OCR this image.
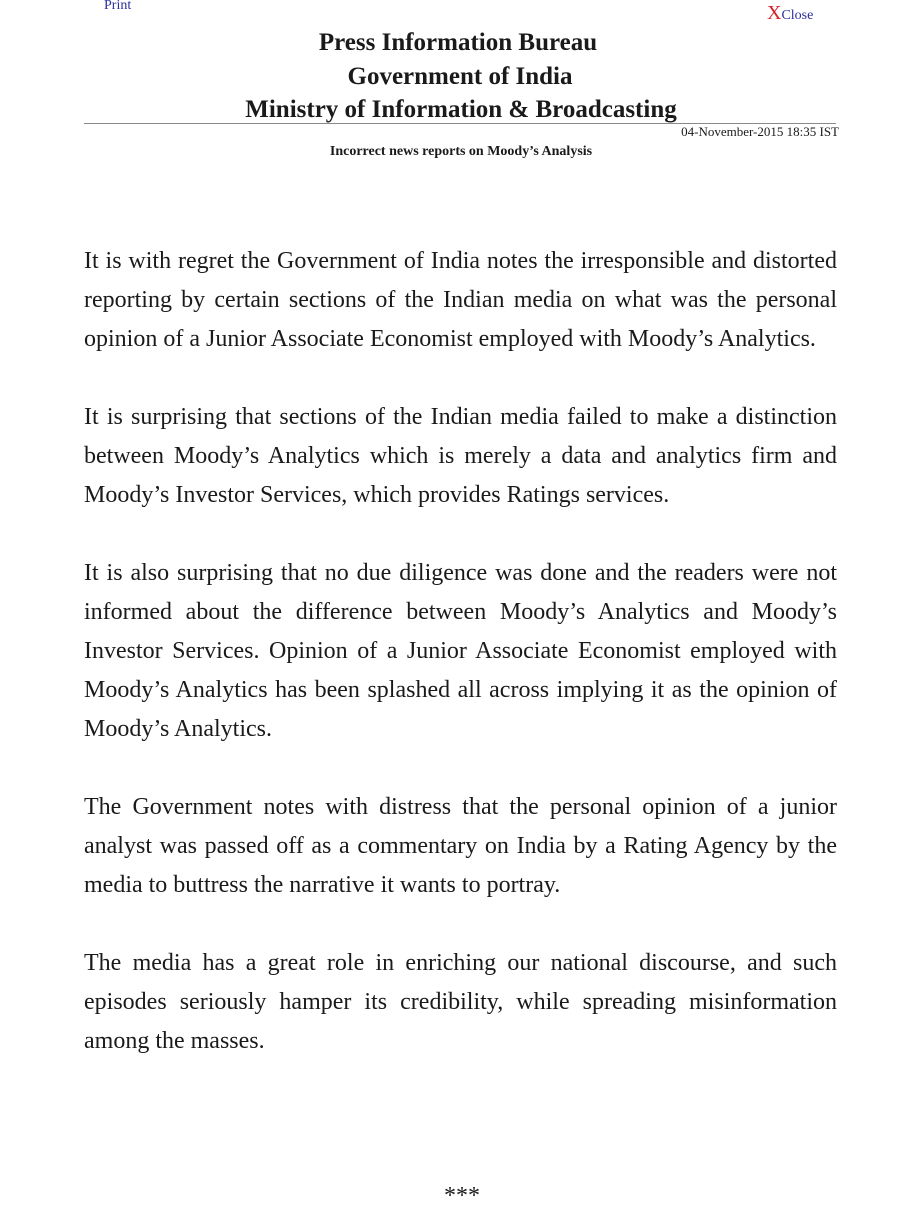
Print	XClose
Press Information Bureau
Government of India
Ministry of Information & Broadcasting
04-November-2015 18:35 IST
Incorrect news reports on Moody’s Analysis

It is with regret the Government of India notes the irresponsible and distorted reporting by certain sections of the Indian media on what was the personal opinion of a Junior Associate Economist employed with Moody’s Analytics.

It is surprising that sections of the Indian media failed to make a distinction between Moody’s Analytics which is merely a data and analytics firm and Moody’s Investor Services, which provides Ratings services.

It is also surprising that no due diligence was done and the readers were not informed about the difference between Moody’s Analytics and Moody’s Investor Services. Opinion of a Junior Associate Economist employed with Moody’s Analytics has been splashed all across implying it as the opinion of Moody’s Analytics.

The Government notes with distress that the personal opinion of a junior analyst was passed off as a commentary on India by a Rating Agency by the media to buttress the narrative it wants to portray.

The media has a great role in enriching our national discourse, and such episodes seriously hamper its credibility, while spreading misinformation among the masses.

***
